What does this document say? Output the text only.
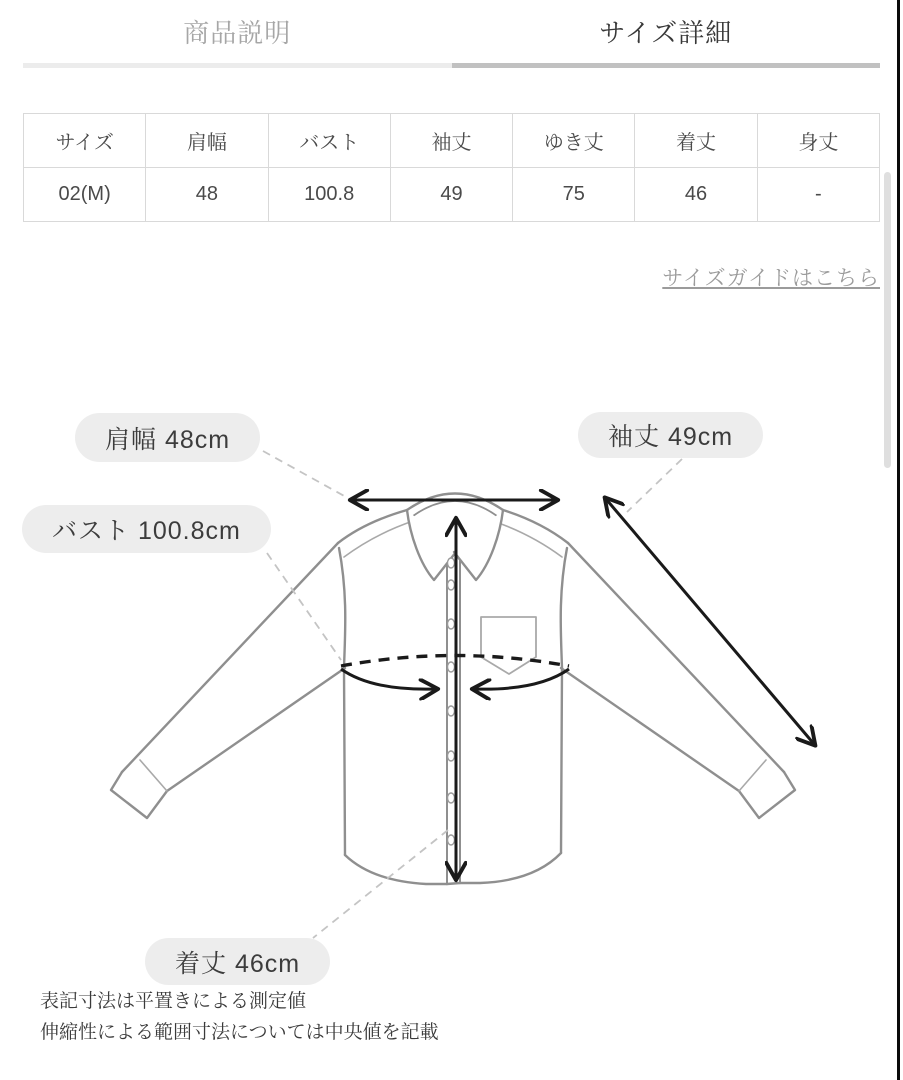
商品説明	サイズ詳細
サイズ	肩幅	バスト	袖丈	ゆき丈	着丈	身丈
02(M)	48	100.8	49	75	46	-
サイズガイドはこちら
肩幅 48cm
バスト 100.8cm
袖丈 49cm
着丈 46cm

表記寸法は平置きによる測定値

伸縮性による範囲寸法については中央値を記載
